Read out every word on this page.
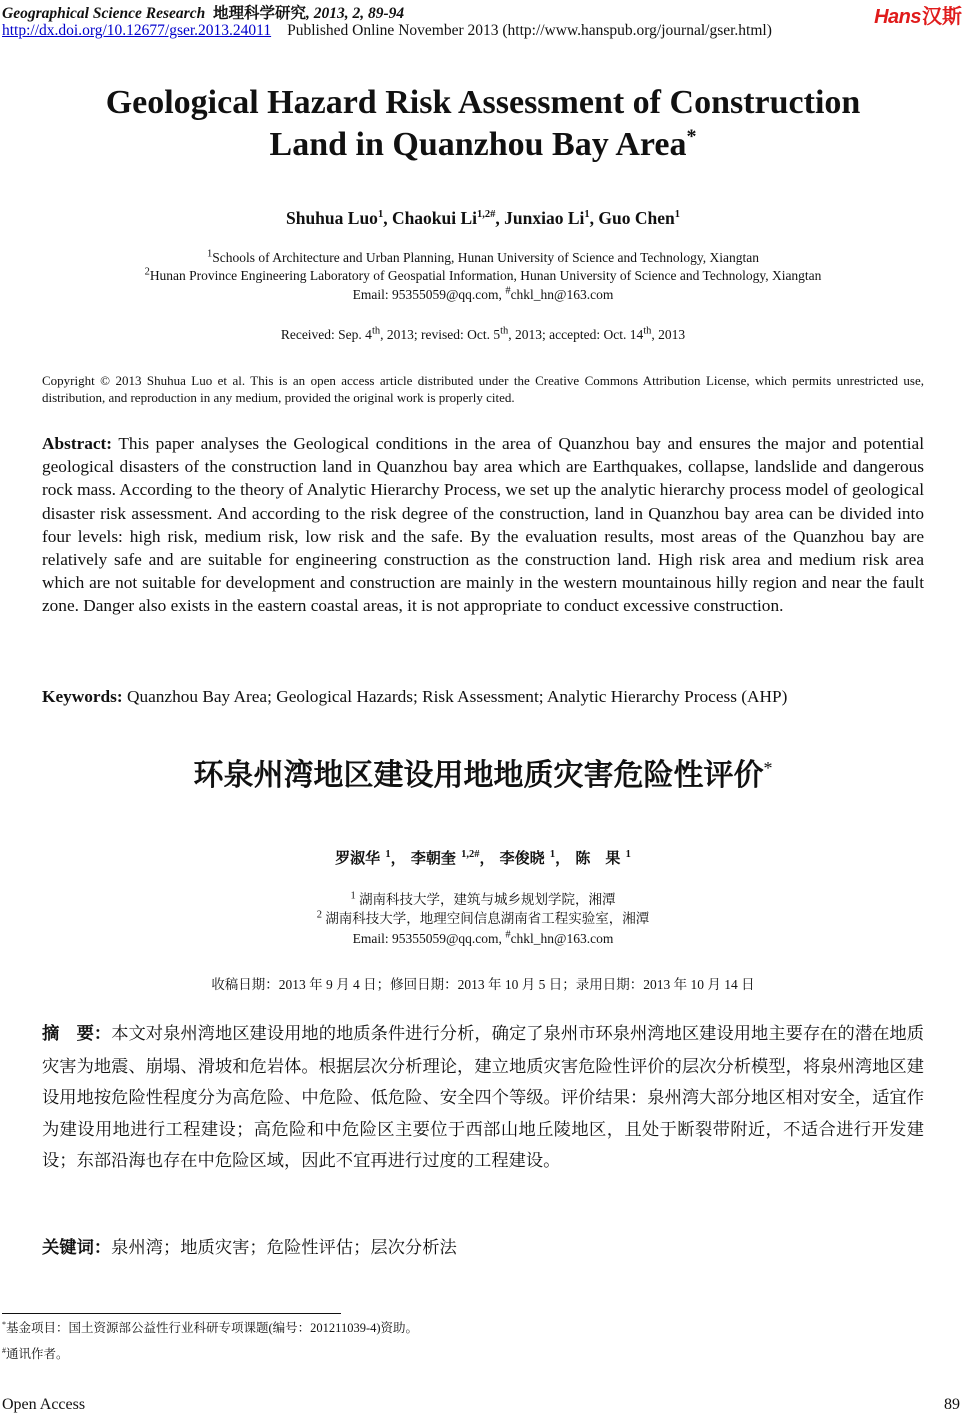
Geographical Science Research 地理科学研究, 2013, 2, 89-94
http://dx.doi.org/10.12677/gser.2013.24011 Published Online November 2013 (http://www.hanspub.org/journal/gser.html)
Hans汉斯
Geological Hazard Risk Assessment of Construction
Land in Quanzhou Bay Area*
Shuhua Luo$^1$, Chaokui $Li^{1,2\#}$, Junxiao Li$^1$, Guo Chen$^1$
$^1$Schools of Architecture and Urban Planning, Hunan University of Science and Technology, Xiangtan
$^2$Hunan Province Engineering Laboratory of Geospatial Information, Hunan University of Science and Technology, Xiangtan
Email: 95355059@qq.com, #chkl_hn@163.com
Received: Sep. 4th, 2013; revised: Oct. 5th, 2013; accepted: Oct. 14th, 2013
Copyright © 2013 Shuhua Luo et al. This is an open access article distributed under the Creative Commons Attribution License, which permits unrestricted use, distribution, and reproduction in any medium, provided the original work is properly cited.
Abstract: This paper analyses the Geological conditions in the area of Quanzhou bay and ensures the major and potential geological disasters of the construction land in Quanzhou bay area which are Earthquakes, collapse, landslide and dangerous rock mass. According to the theory of Analytic Hierarchy Process, we set up the analytic hierarchy process model of geological disaster risk assessment. And according to the risk degree of the construction, land in Quanzhou bay area can be divided into four levels: high risk, medium risk, low risk and the safe. By the evaluation results, most areas of the Quanzhou bay are relatively safe and are suitable for engineering construction as the construction land. High risk area and medium risk area which are not suitable for development and construction are mainly in the western mountainous hilly region and near the fault zone. Danger also exists in the eastern coastal areas, it is not appropriate to conduct excessive construction.
Keywords: Quanzhou Bay Area; Geological Hazards; Risk Assessment; Analytic Hierarchy Process (AHP)
环泉州湾地区建设用地地质灾害危险性评价*
罗淑华 $^1$， 李朝奎 $^{1,2\#}$， 李俊晓 $^1$， 陈　果 $^1$
$^1$ 湖南科技大学，建筑与城乡规划学院，湘潭
$^2$ 湖南科技大学，地理空间信息湖南省工程实验室，湘潭
Email: 95355059@qq.com, #chkl_hn@163.com
收稿日期：2013 年 9 月 4 日；修回日期：2013 年 10 月 5 日；录用日期：2013 年 10 月 14 日
摘　要：本文对泉州湾地区建设用地的地质条件进行分析，确定了泉州市环泉州湾地区建设用地主要存在的潜在地质灾害为地震、崩塌、滑坡和危岩体。根据层次分析理论，建立地质灾害危险性评价的层次分析模型，将泉州湾地区建设用地按危险性程度分为高危险、中危险、低危险、安全四个等级。评价结果：泉州湾大部分地区相对安全，适宜作为建设用地进行工程建设；高危险和中危险区主要位于西部山地丘陵地区，且处于断裂带附近，不适合进行开发建设；东部沿海也存在中危险区域，因此不宜再进行过度的工程建设。
关键词：泉州湾；地质灾害；危险性评估；层次分析法
*基金项目：国土资源部公益性行业科研专项课题(编号：201211039-4)资助。
#通讯作者。
Open Access	89
